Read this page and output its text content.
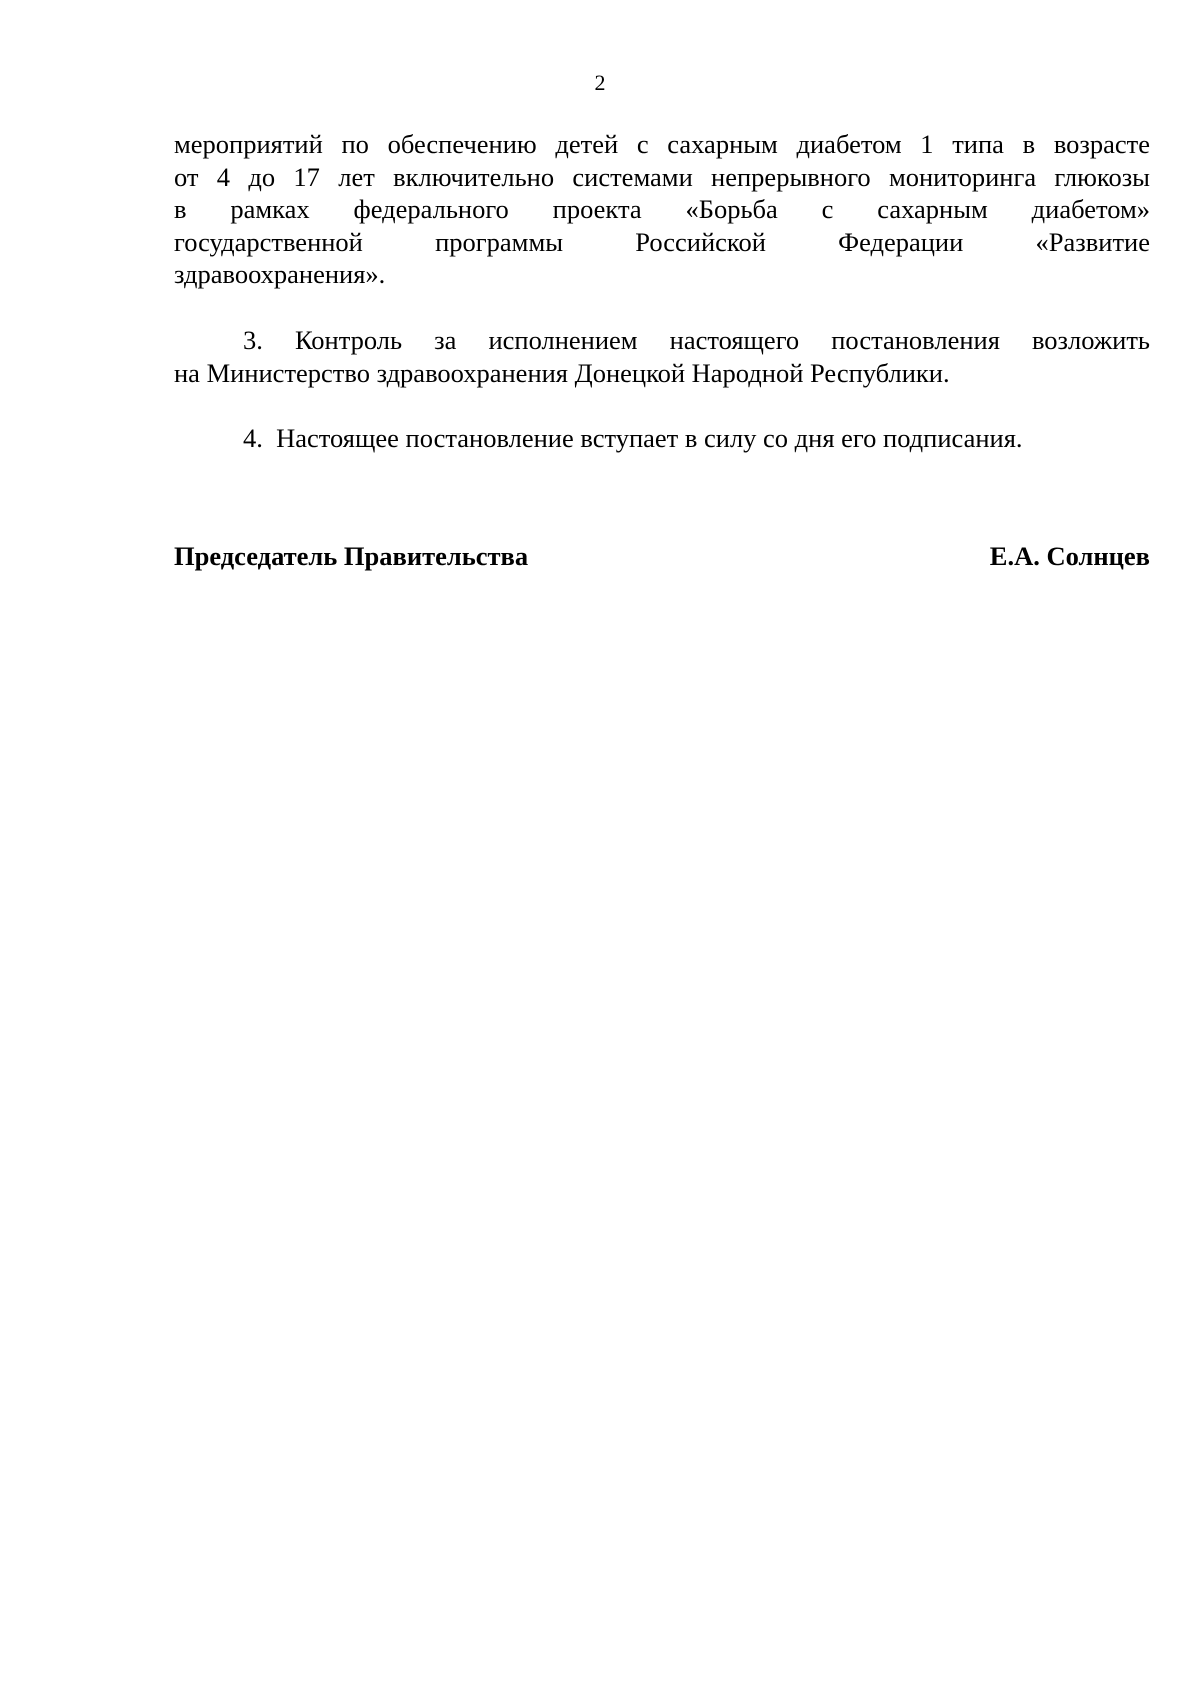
2
мероприятий по обеспечению детей с сахарным диабетом 1 типа в возрасте
от 4 до 17 лет включительно системами непрерывного мониторинга глюкозы
в рамках федерального проекта «Борьба с сахарным диабетом»
государственной программы Российской Федерации «Развитие
здравоохранения».
3. Контроль за исполнением настоящего постановления возложить
на Министерство здравоохранения Донецкой Народной Республики.
4.  Настоящее постановление вступает в силу со дня его подписания.
Председатель Правительства	Е.А. Солнцев
